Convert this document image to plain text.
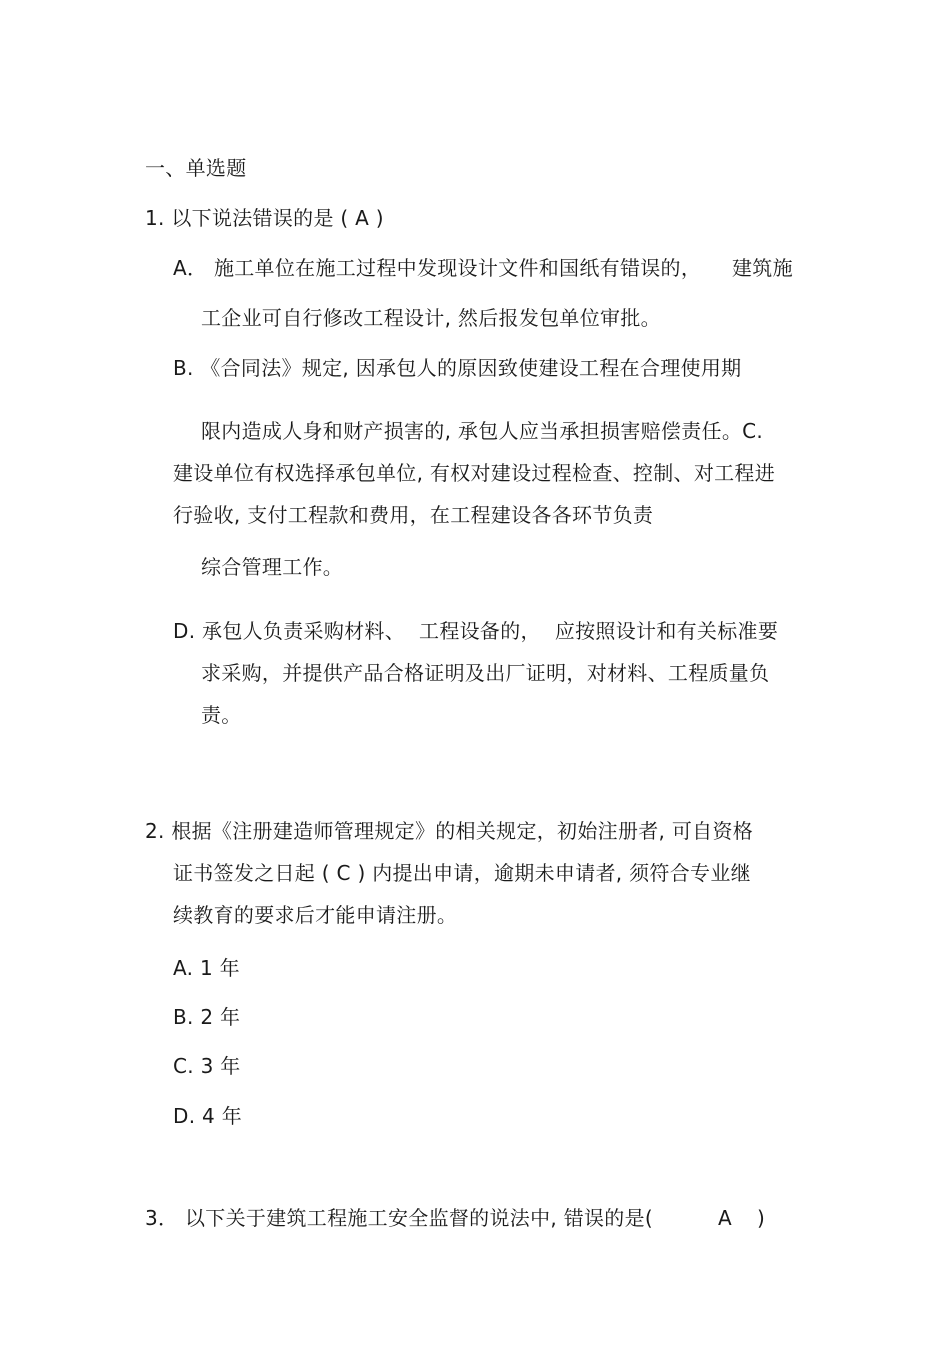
一、单选题
1. 以下说法错误的是 ( A )
A． 施工单位在施工过程中发现设计文件和国纸有错误的， 建筑施
工企业可自行修改工程设计, 然后报发包单位审批。
B. 《合同法》规定, 因承包人的原因致使建设工程在合理使用期
限内造成人身和财产损害的, 承包人应当承担损害赔偿责任。C.
建设单位有权选择承包单位, 有权对建设过程检查、控制、对工程进
行验收, 支付工程款和费用，在工程建设各各环节负责
综合管理工作。
D. 承包人负责采购材料、 工程设备的， 应按照设计和有关标准要
求采购，并提供产品合格证明及出厂证明，对材料、工程质量负
责。
2. 根据《注册建造师管理规定》的相关规定，初始注册者, 可自资格
证书签发之日起 ( C ) 内提出申请，逾期未申请者, 须符合专业继
续教育的要求后才能申请注册。
A. 1 年
B. 2 年
C. 3 年
D. 4 年
3． 以下关于建筑工程施工安全监督的说法中, 错误的是(	A )
